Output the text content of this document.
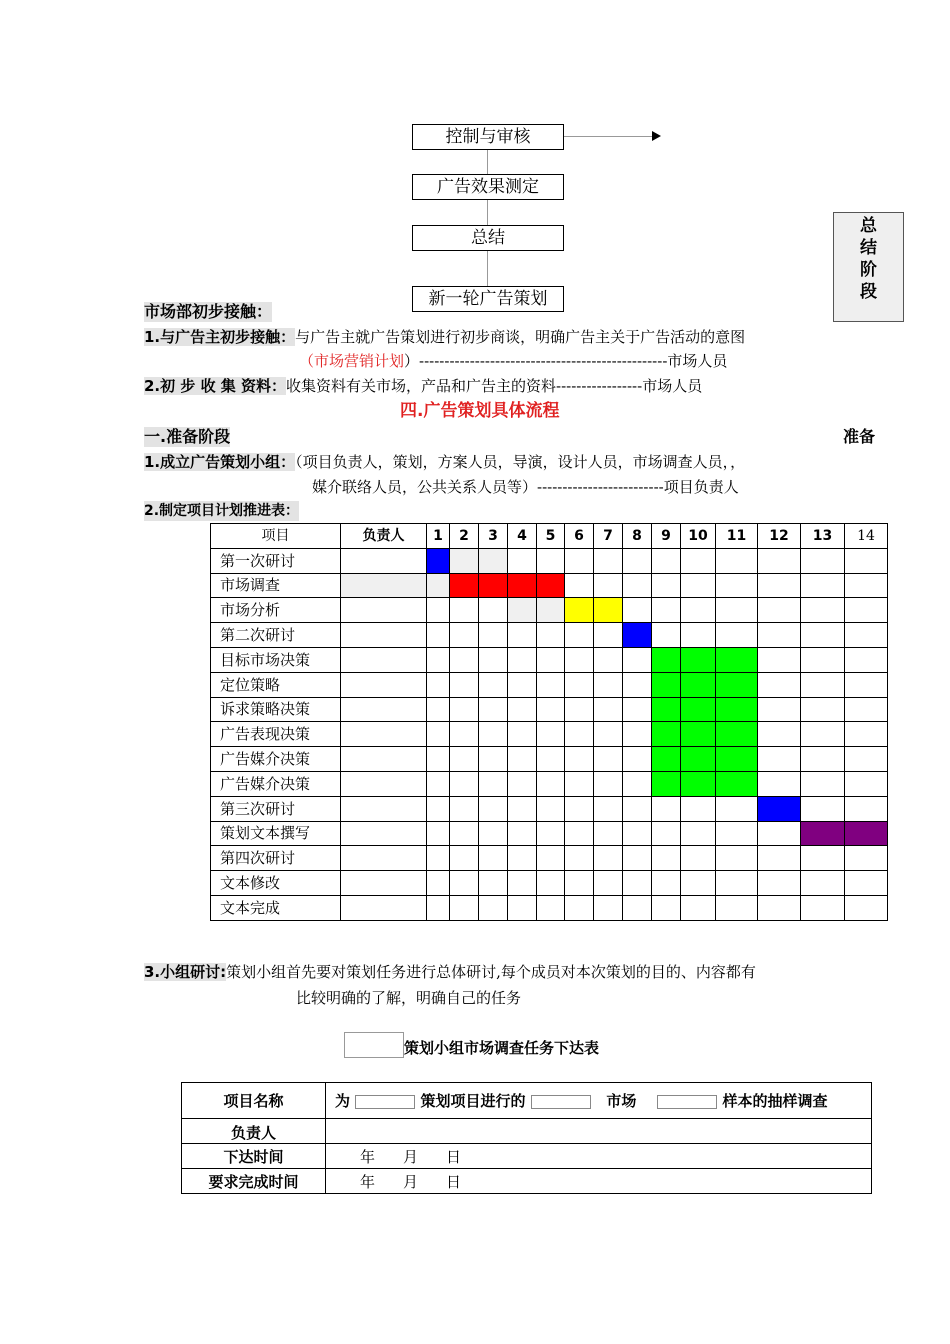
控制与审核
广告效果测定
总结
新一轮广告策划
总
结
阶
段
市场部初步接触：
1.与广告主初步接触：与广告主就广告策划进行初步商谈，明确广告主关于广告活动的意图
（市场营销计划）-------------------------------------------------市场人员
2.初 步 收 集 资料：收集资料有关市场，产品和广告主的资料-----------------市场人员
四.广告策划具体流程
一.准备阶段	准备
1.成立广告策划小组：（项目负责人，策划，方案人员，导演，设计人员，市场调查人员，，
媒介联络人员，公共关系人员等）-------------------------项目负责人
2.制定项目计划推进表：
项目	负责人	1	2	3	4	5	6	7	8	9	10	11	12	13	14
第一次研讨															
市场调查															
市场分析															
第二次研讨															
目标市场决策															
定位策略															
诉求策略决策															
广告表现决策															
广告媒介决策															
广告媒介决策															
第三次研讨															
策划文本撰写															
第四次研讨															
文本修改															
文本完成															
3.小组研讨:策划小组首先要对策划任务进行总体研讨,每个成员对本次策划的目的、内容都有
比较明确的了解，明确自己的任务
策划小组市场调查任务下达表
项目名称	为 策划项目进行的 市场 样本的抽样调查
负责人	
下达时间	年 月 日
要求完成时间	年 月 日
